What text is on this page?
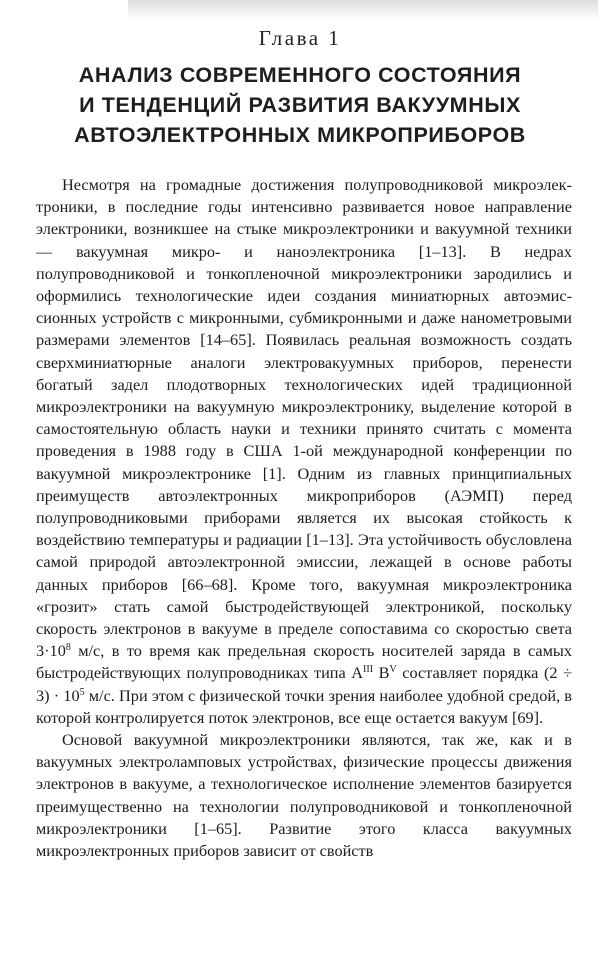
Глава 1
АНАЛИЗ СОВРЕМЕННОГО СОСТОЯНИЯ
И ТЕНДЕНЦИЙ РАЗВИТИЯ ВАКУУМНЫХ
АВТОЭЛЕКТРОННЫХ МИКРОПРИБОРОВ

Несмотря на громадные достижения полупроводниковой микроэлектроники, в последние годы интенсивно развивается новое направление электроники, возникшее на стыке микроэлектроники и вакуумной техники — вакуумная микро- и наноэлектроника [1–13]. В недрах полупроводниковой и тонкопленочной микроэлектроники зародились и оформились технологические идеи создания миниатюрных автоэмиссионных устройств с микронными, субмикронными и даже нанометровыми размерами элементов [14–65]. Появилась реальная возможность создать сверхминиатюрные аналоги электровакуумных приборов, перенести богатый задел плодотворных технологических идей традиционной микроэлектроники на вакуумную микроэлектронику, выделение которой в самостоятельную область науки и техники принято считать с момента проведения в 1988 году в США 1-ой международной конференции по вакуумной микроэлектронике [1]. Одним из главных принципиальных преимуществ автоэлектронных микроприборов (АЭМП) перед полупроводниковыми приборами является их высокая стойкость к воздействию температуры и радиации [1–13]. Эта устойчивость обусловлена самой природой автоэлектронной эмиссии, лежащей в основе работы данных приборов [66–68]. Кроме того, вакуумная микроэлектроника «грозит» стать самой быстродействующей электроникой, поскольку скорость электронов в вакууме в пределе сопоставима со скоростью света $3\cdot 10^8$ м/с, в то время как предельная скорость носителей заряда в самых быстродействующих полупроводниках типа $A^{III}$ $B^V$ составляет порядка $(2 \div 3) \cdot 10^5$ м/с. При этом с физической точки зрения наиболее удобной средой, в которой контролируется поток электронов, все еще остается вакуум [69].

Основой вакуумной микроэлектроники являются, так же, как и в вакуумных электроламповых устройствах, физические процессы движения электронов в вакууме, а технологическое исполнение элементов базируется преимущественно на технологии полупроводниковой и тонкопленочной микроэлектроники [1–65]. Развитие этого класса вакуумных микроэлектронных приборов зависит от свойств
